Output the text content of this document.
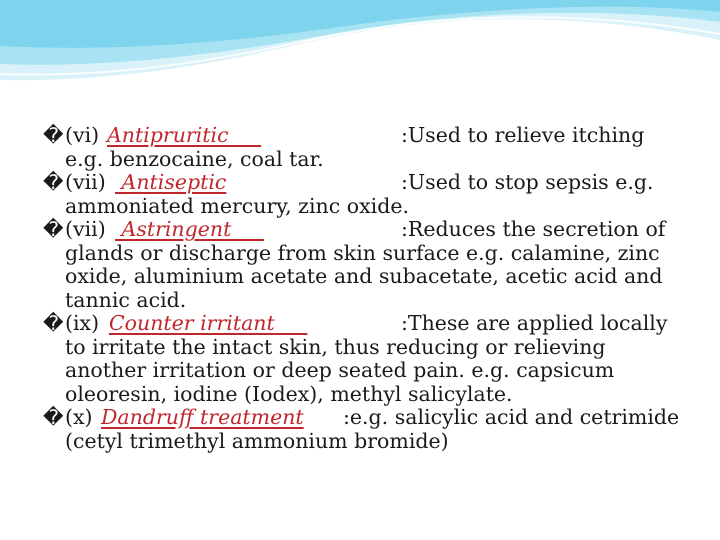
� (vi) Antipruritic	:Used to relieve itching
e.g. benzocaine, coal tar.
� (vii) Antiseptic	:Used to stop sepsis e.g.
ammoniated mercury, zinc oxide.
� (vii) Astringent	:Reduces the secretion of
glands or discharge from skin surface e.g. calamine, zinc oxide, aluminium acetate and subacetate, acetic acid and tannic acid.
� (ix) Counter irritant	:These are applied locally
to irritate the intact skin, thus reducing or relieving another irritation or deep seated pain. e.g. capsicum oleoresin, iodine (Iodex), methyl salicylate.
� (x) Dandruff treatment :e.g. salicylic acid and cetrimide
(cetyl trimethyl ammonium bromide)
